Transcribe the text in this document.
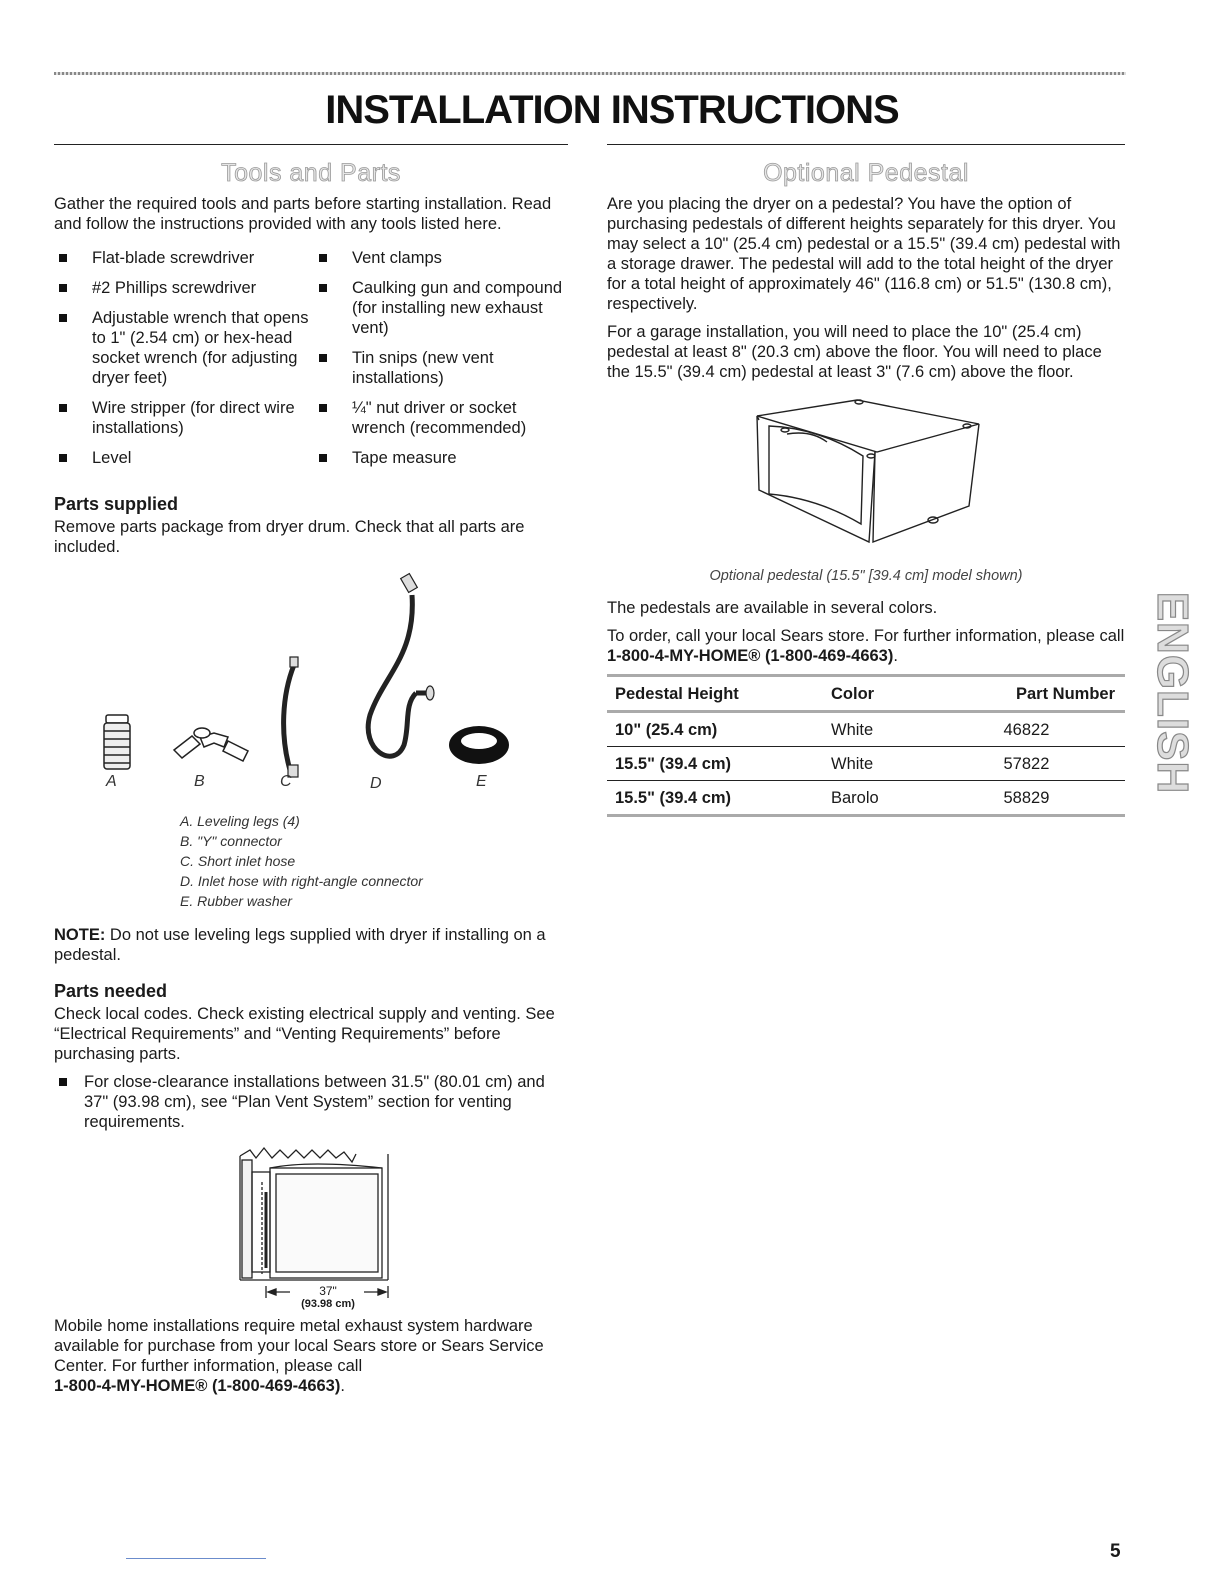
INSTALLATION INSTRUCTIONS
Tools and Parts

Gather the required tools and parts before starting installation. Read and follow the instructions provided with any tools listed here.

Flat-blade screwdriver
#2 Phillips screwdriver
Adjustable wrench that opens to 1" (2.54 cm) or hex-head socket wrench (for adjusting dryer feet)
Wire stripper (for direct wire installations)
Level
Vent clamps
Caulking gun and compound (for installing new exhaust vent)
Tin snips (new vent installations)
¼" nut driver or socket wrench (recommended)
Tape measure
Parts supplied

Remove parts package from dryer drum. Check that all parts are included.

A	B	C	D	E
A. Leveling legs (4)
B. "Y" connector
C. Short inlet hose
D. Inlet hose with right-angle connector
E. Rubber washer

NOTE: Do not use leveling legs supplied with dryer if installing on a pedestal.

Parts needed

Check local codes. Check existing electrical supply and venting. See “Electrical Requirements” and “Venting Requirements” before purchasing parts.

For close-clearance installations between 31.5" (80.01 cm) and 37" (93.98 cm), see “Plan Vent System” section for venting requirements.
37"
(93.98 cm)

Mobile home installations require metal exhaust system hardware available for purchase from your local Sears store or Sears Service Center. For further information, please call
1-800-4-MY-HOME® (1-800-469-4663).

Optional Pedestal

Are you placing the dryer on a pedestal? You have the option of purchasing pedestals of different heights separately for this dryer. You may select a 10" (25.4 cm) pedestal or a 15.5" (39.4 cm) pedestal with a storage drawer. The pedestal will add to the total height of the dryer for a total height of approximately 46" (116.8 cm) or 51.5" (130.8 cm), respectively.

For a garage installation, you will need to place the 10" (25.4 cm) pedestal at least 8" (20.3 cm) above the floor. You will need to place the 15.5" (39.4 cm) pedestal at least 3" (7.6 cm) above the floor.

Optional pedestal (15.5" [39.4 cm] model shown)

The pedestals are available in several colors.

To order, call your local Sears store. For further information, please call 1-800-4-MY-HOME® (1-800-469-4663).

Pedestal Height	Color	Part Number
10" (25.4 cm)	White	46822
15.5" (39.4 cm)	White	57822
15.5" (39.4 cm)	Barolo	58829
ENGLISH
5
